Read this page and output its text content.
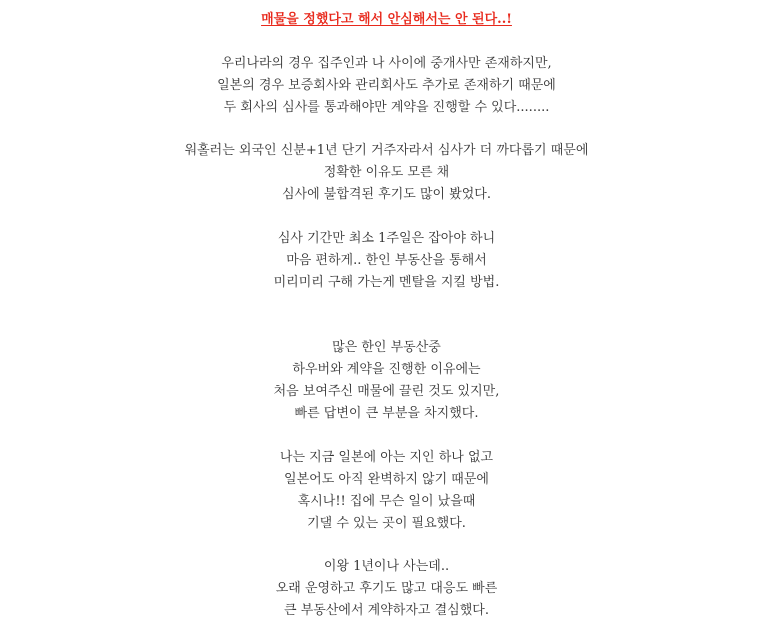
매물을 정했다고 해서 안심해서는 안 된다..!
우리나라의 경우 집주인과 나 사이에 중개사만 존재하지만,
일본의 경우 보증회사와 관리회사도 추가로 존재하기 때문에
두 회사의 심사를 통과해야만 계약을 진행할 수 있다........
워홀러는 외국인 신분+1년 단기 거주자라서 심사가 더 까다롭기 때문에
정확한 이유도 모른 채
심사에 불합격된 후기도 많이 봤었다.
심사 기간만 최소 1주일은 잡아야 하니
마음 편하게.. 한인 부동산을 통해서
미리미리 구해 가는게 멘탈을 지킬 방법.
많은 한인 부동산중
하우버와 계약을 진행한 이유에는
처음 보여주신 매물에 끌린 것도 있지만,
빠른 답변이 큰 부분을 차지했다.
나는 지금 일본에 아는 지인 하나 없고
일본어도 아직 완벽하지 않기 때문에
혹시나!! 집에 무슨 일이 났을때
기댈 수 있는 곳이 필요했다.
이왕 1년이나 사는데..
오래 운영하고 후기도 많고 대응도 빠른
큰 부동산에서 계약하자고 결심했다.
